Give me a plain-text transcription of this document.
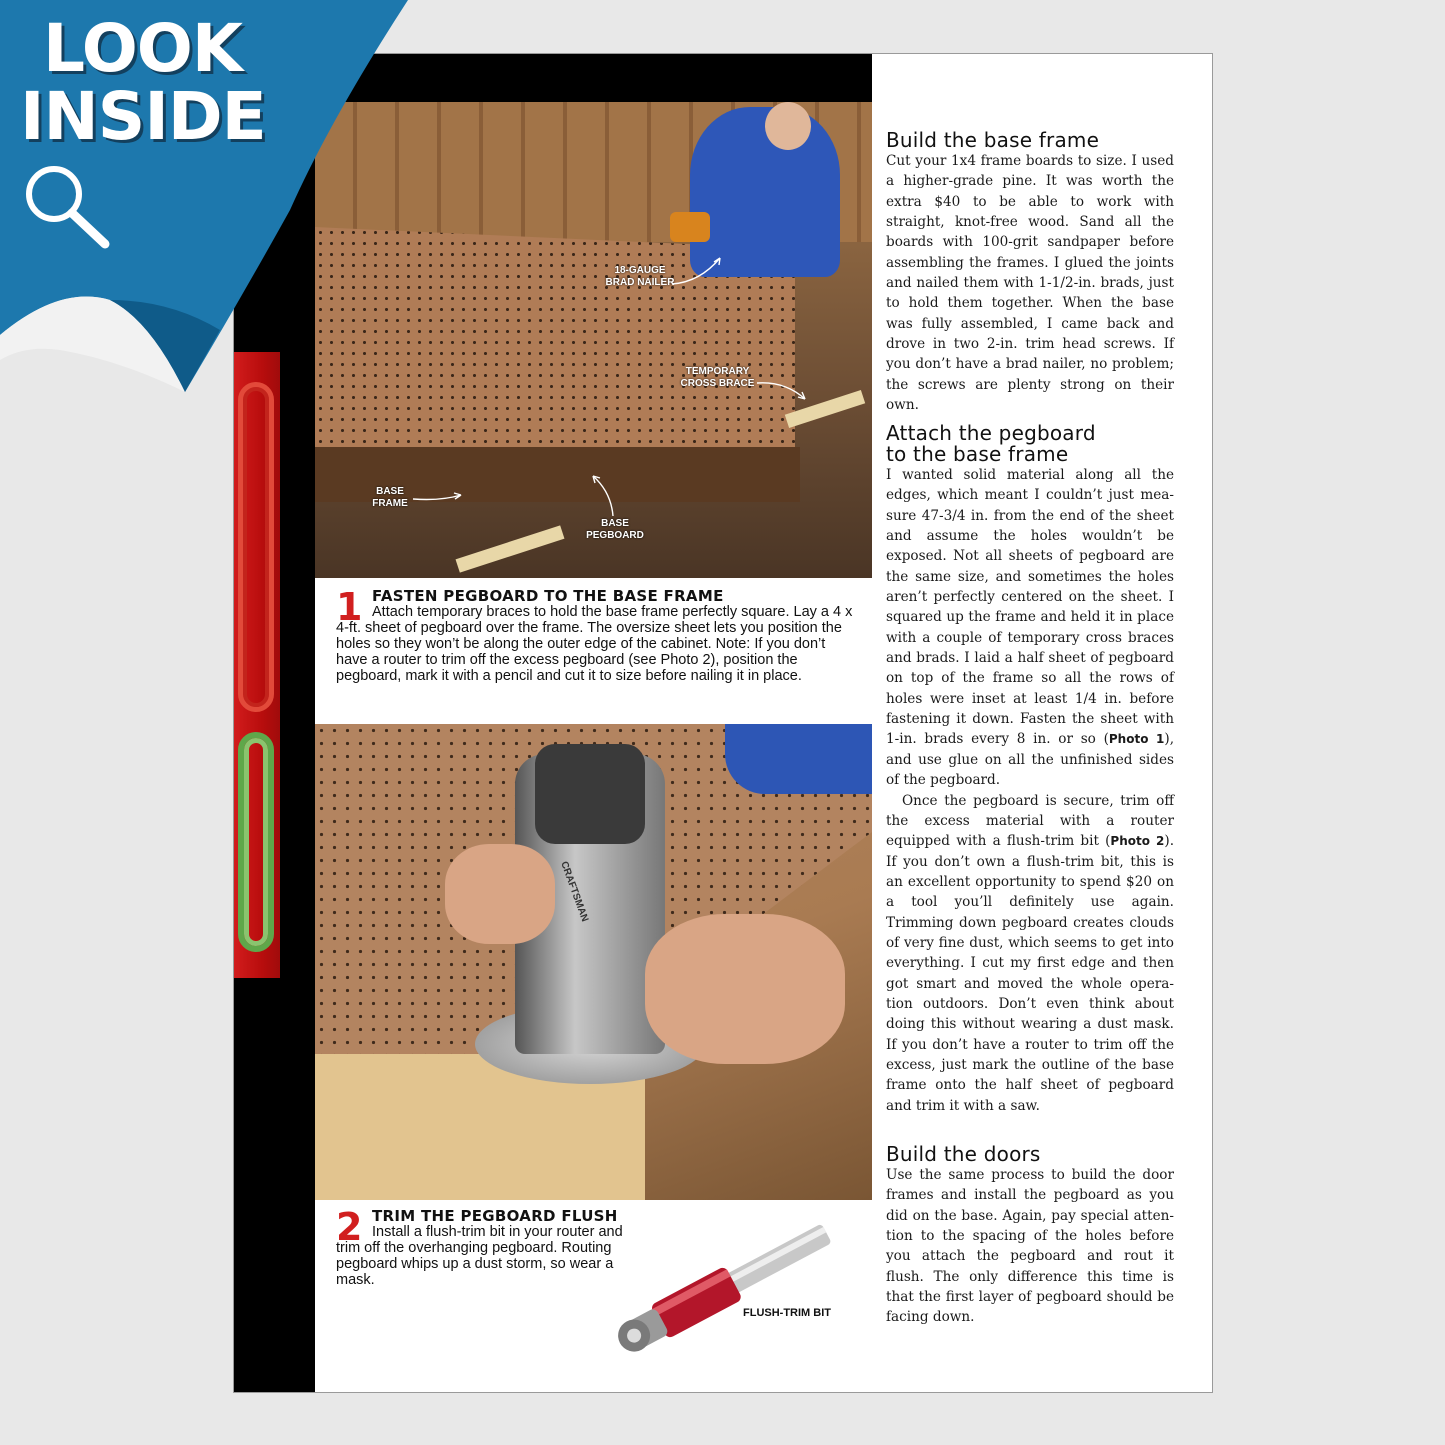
18-GAUGE
BRAD NAILER
TEMPORARY
CROSS BRACE
BASE
FRAME
BASE
PEGBOARD
1 FASTEN PEGBOARD TO THE BASE FRAME
Attach temporary braces to hold the base frame perfectly square. Lay a 4 x 4-ft. sheet of pegboard over the frame. The oversize sheet lets you position the holes so they won’t be along the outer edge of the cabinet. Note: If you don’t have a router to trim off the excess pegboard (see Photo 2), position the pegboard, mark it with a pencil and cut it to size before nailing it in place.
CRAFTSMAN
2 TRIM THE PEGBOARD FLUSH
Install a flush-trim bit in your router and trim off the overhanging pegboard. Routing pegboard whips up a dust storm, so wear a mask.
FLUSH-TRIM BIT
Build the base frame

Cut your 1x4 frame boards to size. I used a higher-grade pine. It was worth the extra $40 to be able to work with straight, knot-free wood. Sand all the boards with 100-grit sandpaper before assembling the frames. I glued the joints and nailed them with 1-1/2-in. brads, just to hold them together. When the base was fully assembled, I came back and drove in two 2-in. trim head screws. If you don’t have a brad nailer, no problem; the screws are plenty strong on their own.

Attach the pegboard
to the base frame

I wanted solid material along all the edges, which meant I couldn’t just measure 47-3/4 in. from the end of the sheet and assume the holes wouldn’t be exposed. Not all sheets of pegboard are the same size, and sometimes the holes aren’t perfectly centered on the sheet. I squared up the frame and held it in place with a couple of temporary cross braces and brads. I laid a half sheet of pegboard on top of the frame so all the rows of holes were inset at least 1/4 in. before fastening it down. Fasten the sheet with 1-in. brads every 8 in. or so (Photo 1), and use glue on all the unfinished sides of the pegboard.

Once the pegboard is secure, trim off the excess material with a router equipped with a flush-trim bit (Photo 2). If you don’t own a flush-trim bit, this is an excellent opportunity to spend $20 on a tool you’ll definitely use again. Trimming down pegboard creates clouds of very fine dust, which seems to get into everything. I cut my first edge and then got smart and moved the whole operation outdoors. Don’t even think about doing this without wearing a dust mask. If you don’t have a router to trim off the excess, just mark the outline of the base frame onto the half sheet of pegboard and trim it with a saw.

Build the doors

Use the same process to build the door frames and install the pegboard as you did on the base. Again, pay special attention to the spacing of the holes before you attach the pegboard and rout it flush. The only difference this time is that the first layer of pegboard should be facing down.

LOOK
INSIDE
